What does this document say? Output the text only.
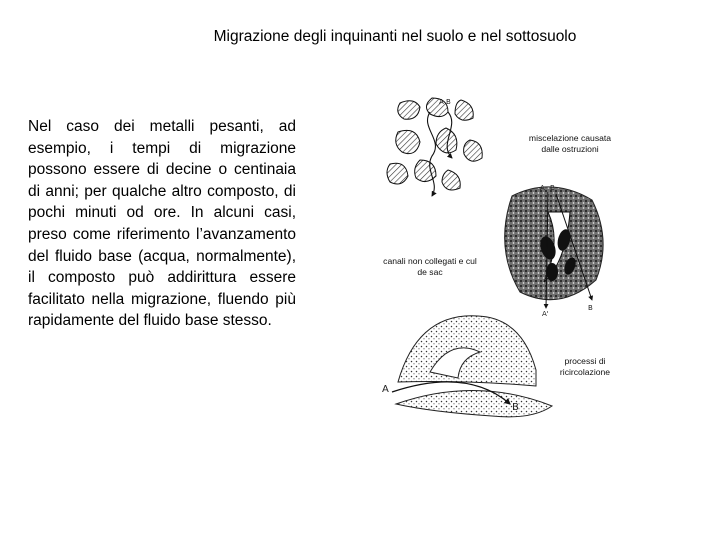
Migrazione degli inquinanti nel suolo e nel sottosuolo
Nel caso dei metalli pesanti, ad esempio, i tempi di migrazione possono essere di decine o centinaia di anni; per qualche altro composto, di pochi minuti od ore. In alcuni casi, preso come riferimento l’avanzamento del fluido base (acqua, normalmente), il composto può addirittura essere facilitato nella migrazione, fluendo più rapidamente del fluido base stesso.
A B
A B
A'
B
A
B
miscelazione causata dalle ostruzioni
canali non collegati e cul de sac
processi di ricircolazione
